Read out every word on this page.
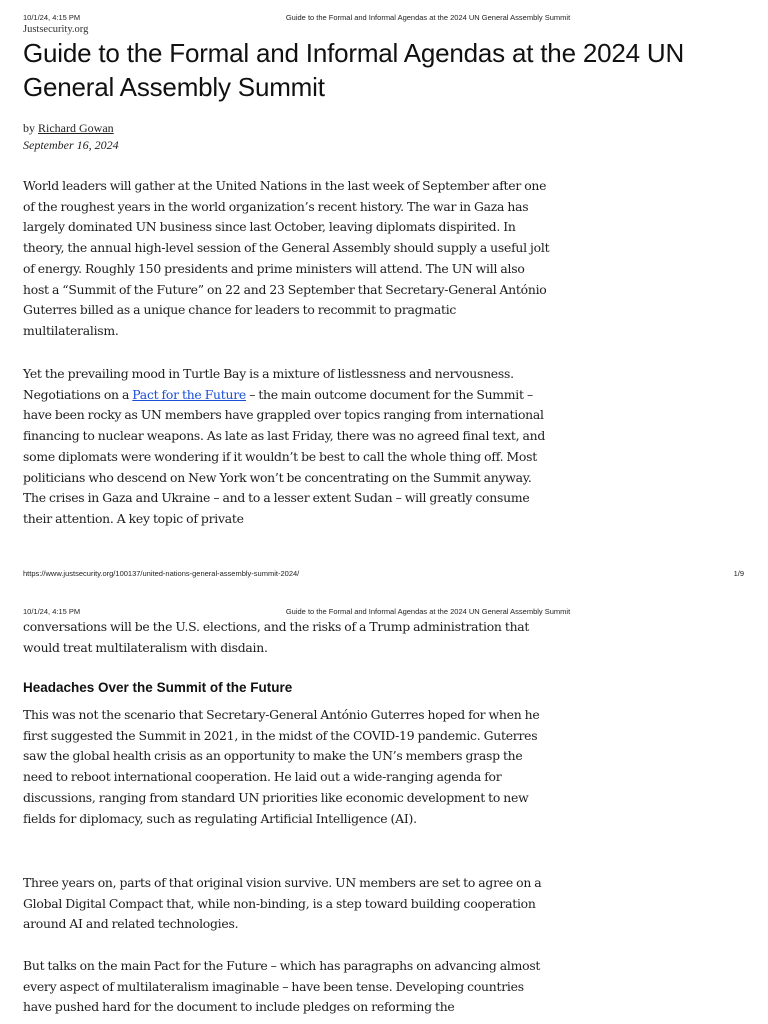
10/1/24, 4:15 PM	Guide to the Formal and Informal Agendas at the 2024 UN General Assembly Summit
Justsecurity.org
Guide to the Formal and Informal Agendas at the 2024 UN General Assembly Summit
by Richard Gowan
September 16, 2024

World leaders will gather at the United Nations in the last week of September after one of the roughest years in the world organization’s recent history. The war in Gaza has largely dominated UN business since last October, leaving diplomats dispirited. In theory, the annual high-level session of the General Assembly should supply a useful jolt of energy. Roughly 150 presidents and prime ministers will attend. The UN will also host a “Summit of the Future” on 22 and 23 September that Secretary-General António Guterres billed as a unique chance for leaders to recommit to pragmatic multilateralism.

Yet the prevailing mood in Turtle Bay is a mixture of listlessness and nervousness. Negotiations on a Pact for the Future – the main outcome document for the Summit – have been rocky as UN members have grappled over topics ranging from international financing to nuclear weapons. As late as last Friday, there was no agreed final text, and some diplomats were wondering if it wouldn’t be best to call the whole thing off. Most politicians who descend on New York won’t be concentrating on the Summit anyway. The crises in Gaza and Ukraine – and to a lesser extent Sudan – will greatly consume their attention. A key topic of private

https://www.justsecurity.org/100137/united-nations-general-assembly-summit-2024/	1/9
10/1/24, 4:15 PM	Guide to the Formal and Informal Agendas at the 2024 UN General Assembly Summit

conversations will be the U.S. elections, and the risks of a Trump administration that would treat multilateralism with disdain.

Headaches Over the Summit of the Future

This was not the scenario that Secretary-General António Guterres hoped for when he first suggested the Summit in 2021, in the midst of the COVID-19 pandemic. Guterres saw the global health crisis as an opportunity to make the UN’s members grasp the need to reboot international cooperation. He laid out a wide-ranging agenda for discussions, ranging from standard UN priorities like economic development to new fields for diplomacy, such as regulating Artificial Intelligence (AI).

Three years on, parts of that original vision survive. UN members are set to agree on a Global Digital Compact that, while non-binding, is a step toward building cooperation around AI and related technologies.

But talks on the main Pact for the Future – which has paragraphs on advancing almost every aspect of multilateralism imaginable – have been tense. Developing countries have pushed hard for the document to include pledges on reforming the
